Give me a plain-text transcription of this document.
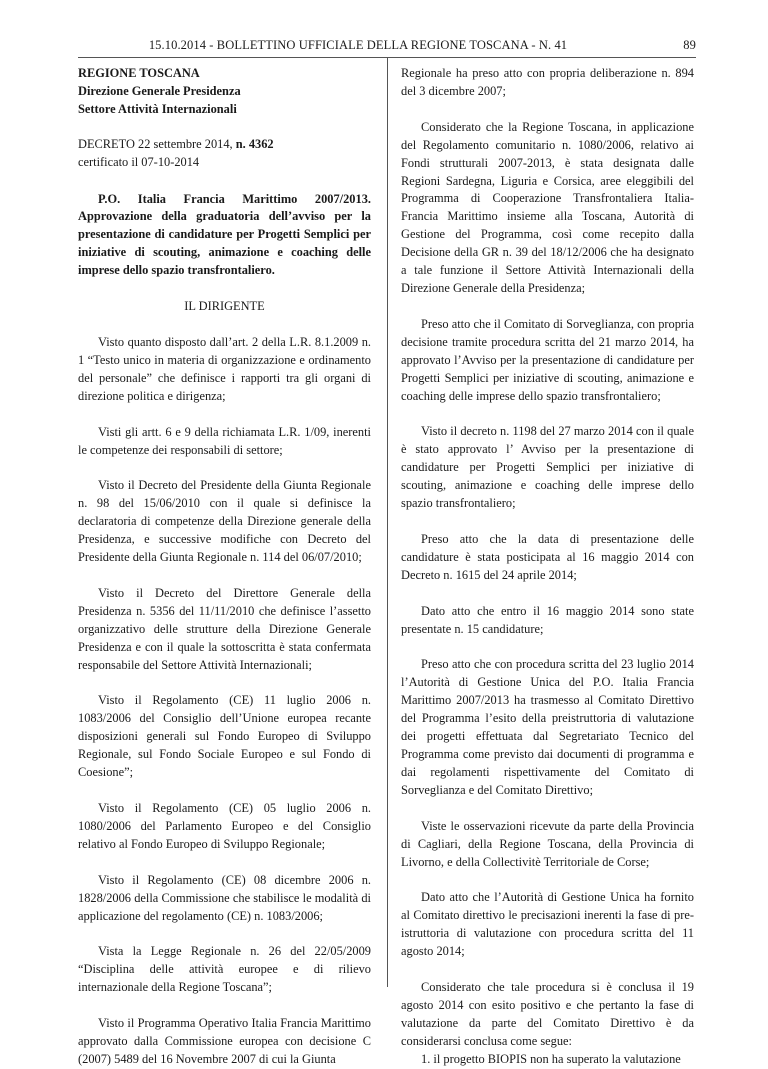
15.10.2014 - BOLLETTINO UFFICIALE DELLA REGIONE TOSCANA - N. 41	89

REGIONE TOSCANA

Direzione Generale Presidenza

Settore Attività Internazionali

DECRETO 22 settembre 2014, n. 4362

certificato il 07-10-2014

P.O. Italia Francia Marittimo 2007/2013. Approvazione della graduatoria dell’avviso per la presentazione di candidature per Progetti Semplici per iniziative di scouting, animazione e coaching delle imprese dello spazio transfrontaliero.

IL DIRIGENTE

Visto quanto disposto dall’art. 2 della L.R. 8.1.2009 n. 1 “Testo unico in materia di organizzazione e ordinamento del personale” che definisce i rapporti tra gli organi di direzione politica e dirigenza;

Visti gli artt. 6 e 9 della richiamata L.R. 1/09, inerenti le competenze dei responsabili di settore;

Visto il Decreto del Presidente della Giunta Regionale n. 98 del 15/06/2010 con il quale si definisce la declaratoria di competenze della Direzione generale della Presidenza, e successive modifiche con Decreto del Presidente della Giunta Regionale n. 114 del 06/07/2010;

Visto il Decreto del Direttore Generale della Presidenza n. 5356 del 11/11/2010 che definisce l’assetto organizzativo delle strutture della Direzione Generale Presidenza e con il quale la sottoscritta è stata confermata responsabile del Settore Attività Internazionali;

Visto il Regolamento (CE) 11 luglio 2006 n. 1083/2006 del Consiglio dell’Unione europea recante disposizioni generali sul Fondo Europeo di Sviluppo Regionale, sul Fondo Sociale Europeo e sul Fondo di Coesione”;

Visto il Regolamento (CE) 05 luglio 2006 n. 1080/2006 del Parlamento Europeo e del Consiglio relativo al Fondo Europeo di Sviluppo Regionale;

Visto il Regolamento (CE) 08 dicembre 2006 n. 1828/2006 della Commissione che stabilisce le modalità di applicazione del regolamento (CE) n. 1083/2006;

Vista la Legge Regionale n. 26 del 22/05/2009 “Disciplina delle attività europee e di rilievo internazionale della Regione Toscana”;

Visto il Programma Operativo Italia Francia Marittimo approvato dalla Commissione europea con decisione C (2007) 5489 del 16 Novembre 2007 di cui la Giunta

Regionale ha preso atto con propria deliberazione n. 894 del 3 dicembre 2007;

Considerato che la Regione Toscana, in applicazione del Regolamento comunitario n. 1080/2006, relativo ai Fondi strutturali 2007-2013, è stata designata dalle Regioni Sardegna, Liguria e Corsica, aree eleggibili del Programma di Cooperazione Transfrontaliera Italia-Francia Marittimo insieme alla Toscana, Autorità di Gestione del Programma, così come recepito dalla Decisione della GR n. 39 del 18/12/2006 che ha designato a tale funzione il Settore Attività Internazionali della Direzione Generale della Presidenza;

Preso atto che il Comitato di Sorveglianza, con propria decisione tramite procedura scritta del 21 marzo 2014, ha approvato l’Avviso per la presentazione di candidature per Progetti Semplici per iniziative di scouting, animazione e coaching delle imprese dello spazio transfrontaliero;

Visto il decreto n. 1198 del 27 marzo 2014 con il quale è stato approvato l’ Avviso per la presentazione di candidature per Progetti Semplici per iniziative di scouting, animazione e coaching delle imprese dello spazio transfrontaliero;

Preso atto che la data di presentazione delle candidature è stata posticipata al 16 maggio 2014 con Decreto n. 1615 del 24 aprile 2014;

Dato atto che entro il 16 maggio 2014 sono state presentate n. 15 candidature;

Preso atto che con procedura scritta del 23 luglio 2014 l’Autorità di Gestione Unica del P.O. Italia Francia Marittimo 2007/2013 ha trasmesso al Comitato Direttivo del Programma l’esito della preistruttoria di valutazione dei progetti effettuata dal Segretariato Tecnico del Programma come previsto dai documenti di programma e dai regolamenti rispettivamente del Comitato di Sorveglianza e del Comitato Direttivo;

Viste le osservazioni ricevute da parte della Provincia di Cagliari, della Regione Toscana, della Provincia di Livorno, e della Collectivitè Territoriale de Corse;

Dato atto che l’Autorità di Gestione Unica ha fornito al Comitato direttivo le precisazioni inerenti la fase di pre-istruttoria di valutazione con procedura scritta del 11 agosto 2014;

Considerato che tale procedura si è conclusa il 19 agosto 2014 con esito positivo e che pertanto la fase di valutazione da parte del Comitato Direttivo è da considerarsi conclusa come segue:

1. il progetto BIOPIS non ha superato la valutazione
